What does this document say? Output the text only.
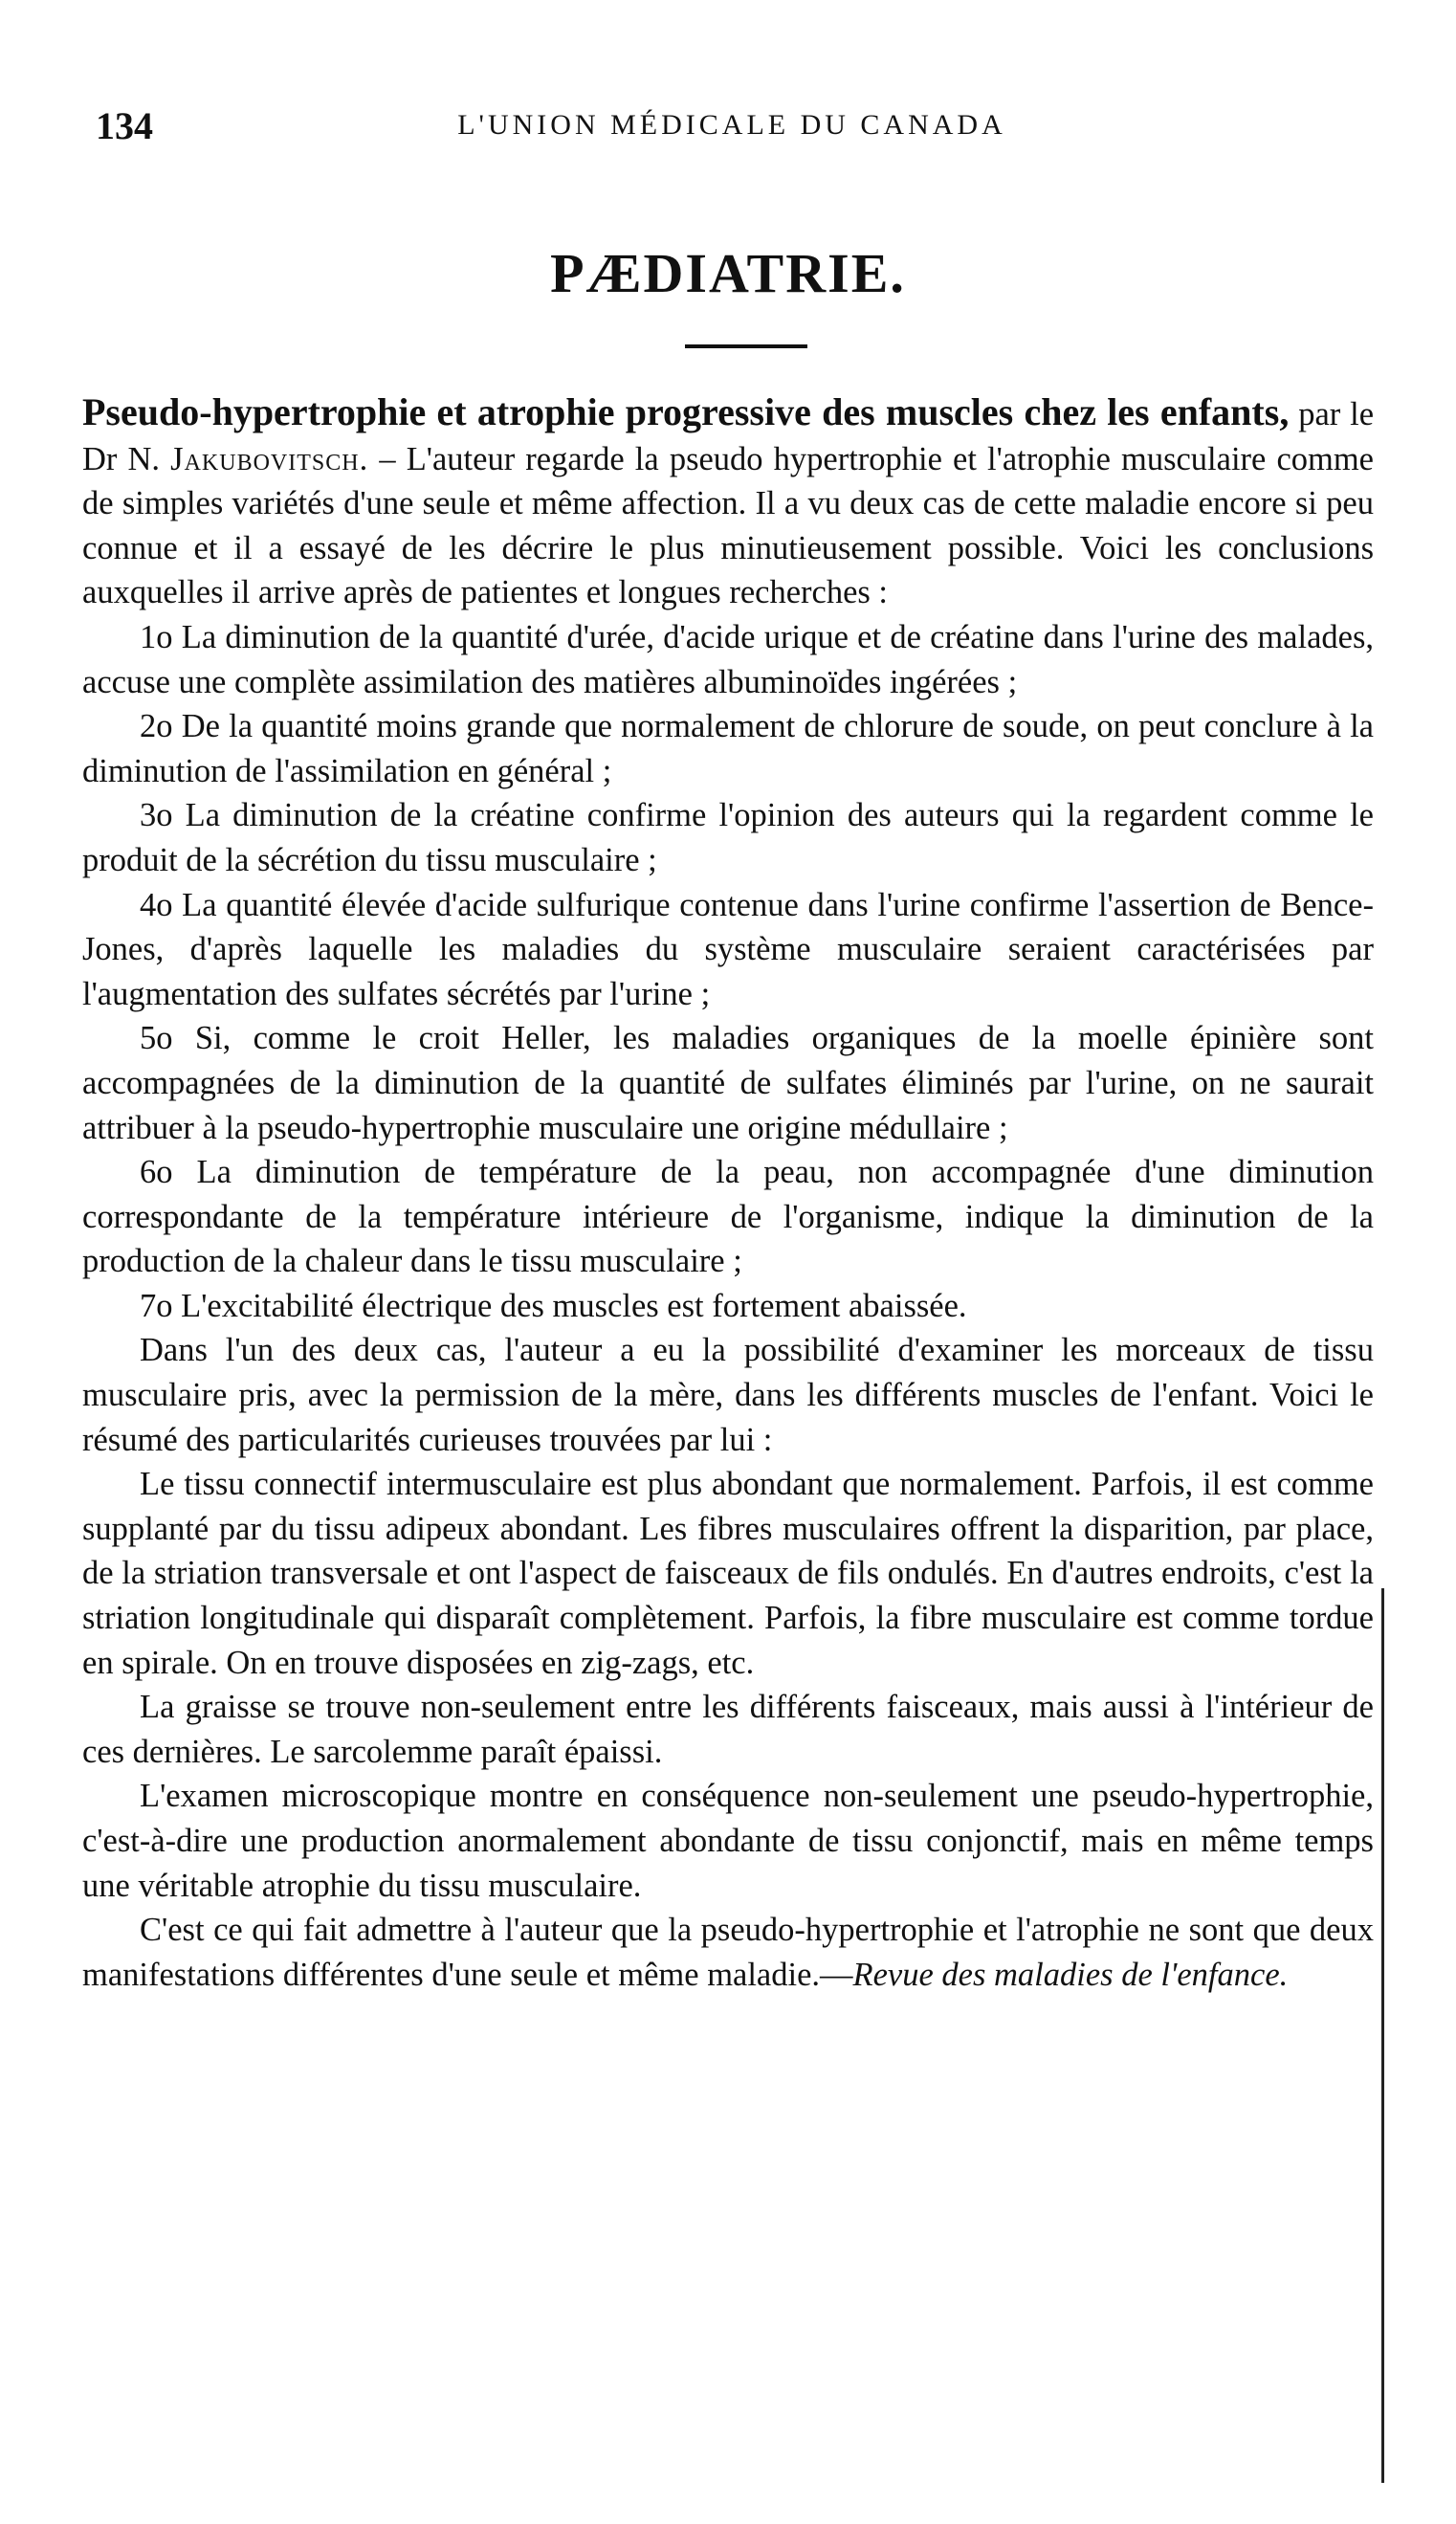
134	L'UNION MÉDICALE DU CANADA
PÆDIATRIE.

Pseudo-hypertrophie et atrophie progressive des muscles chez les enfants, par le Dr N. Jakubovitsch. – L'auteur regarde la pseudo hypertrophie et l'atrophie musculaire comme de simples variétés d'une seule et même affection. Il a vu deux cas de cette maladie encore si peu connue et il a essayé de les décrire le plus minutieusement possible. Voici les conclusions auxquelles il arrive après de patientes et longues recherches :

1o La diminution de la quantité d'urée, d'acide urique et de créatine dans l'urine des malades, accuse une complète assimilation des matières albuminoïdes ingérées ;

2o De la quantité moins grande que normalement de chlorure de soude, on peut conclure à la diminution de l'assimilation en général ;

3o La diminution de la créatine confirme l'opinion des auteurs qui la regardent comme le produit de la sécrétion du tissu musculaire ;

4o La quantité élevée d'acide sulfurique contenue dans l'urine confirme l'assertion de Bence-Jones, d'après laquelle les maladies du système musculaire seraient caractérisées par l'augmentation des sulfates sécrétés par l'urine ;

5o Si, comme le croit Heller, les maladies organiques de la moelle épinière sont accompagnées de la diminution de la quantité de sulfates éliminés par l'urine, on ne saurait attribuer à la pseudo-hypertrophie musculaire une origine médullaire ;

6o La diminution de température de la peau, non accompagnée d'une diminution correspondante de la température intérieure de l'organisme, indique la diminution de la production de la chaleur dans le tissu musculaire ;

7o L'excitabilité électrique des muscles est fortement abaissée.

Dans l'un des deux cas, l'auteur a eu la possibilité d'examiner les morceaux de tissu musculaire pris, avec la permission de la mère, dans les différents muscles de l'enfant. Voici le résumé des particularités curieuses trouvées par lui :

Le tissu connectif intermusculaire est plus abondant que normalement. Parfois, il est comme supplanté par du tissu adipeux abondant. Les fibres musculaires offrent la disparition, par place, de la striation transversale et ont l'aspect de faisceaux de fils ondulés. En d'autres endroits, c'est la striation longitudinale qui disparaît complètement. Parfois, la fibre musculaire est comme tordue en spirale. On en trouve disposées en zig-zags, etc.

La graisse se trouve non-seulement entre les différents faisceaux, mais aussi à l'intérieur de ces dernières. Le sarcolemme paraît épaissi.

L'examen microscopique montre en conséquence non-seulement une pseudo-hypertrophie, c'est-à-dire une production anormalement abondante de tissu conjonctif, mais en même temps une véritable atrophie du tissu musculaire.

C'est ce qui fait admettre à l'auteur que la pseudo-hypertrophie et l'atrophie ne sont que deux manifestations différentes d'une seule et même maladie.—Revue des maladies de l'enfance.
